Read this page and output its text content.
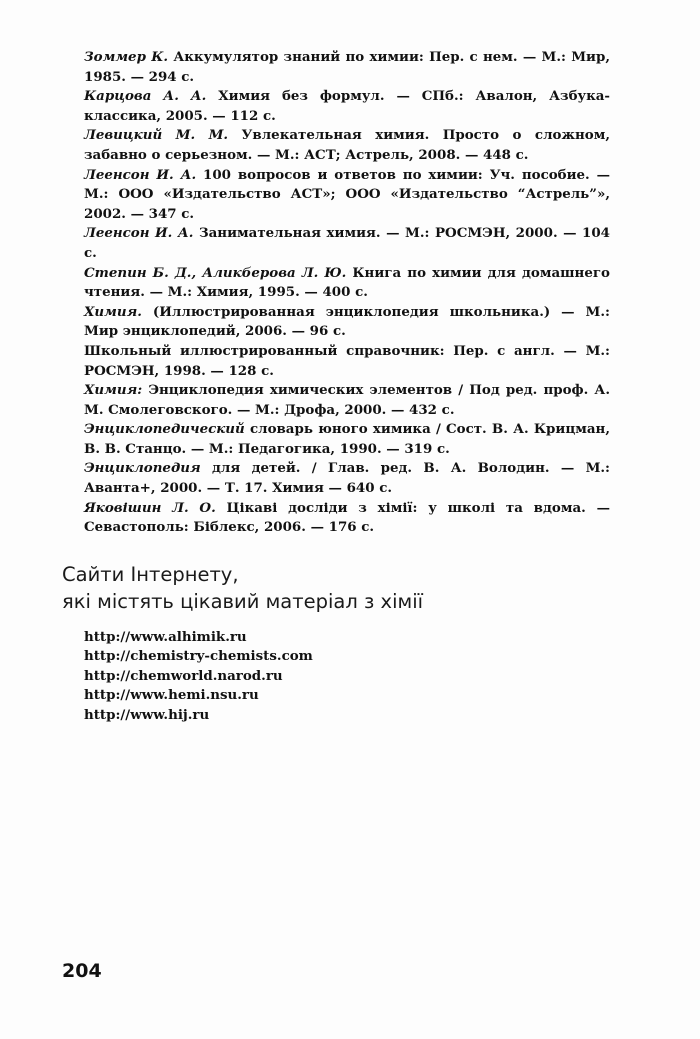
Зоммер К. Аккумулятор знаний по химии: Пер. с нем. — М.: Мир, 1985. — 294 с.

Карцова А. А. Химия без формул. — СПб.: Авалон, Азбука-классика, 2005. — 112 с.

Левицкий М. М. Увлекательная химия. Просто о сложном, забавно о серьезном. — М.: АСТ; Астрель, 2008. — 448 с.

Леенсон И. А. 100 вопросов и ответов по химии: Уч. пособие. — М.: ООО «Издательство АСТ»; ООО «Издательство “Астрель”», 2002. — 347 с.

Леенсон И. А. Занимательная химия. — М.: РОСМЭН, 2000. — 104 с.

Степин Б. Д., Аликберова Л. Ю. Книга по химии для домашнего чтения. — М.: Химия, 1995. — 400 с.

Химия. (Иллюстрированная энциклопедия школьника.) — М.: Мир энциклопедий, 2006. — 96 с.

Школьный иллюстрированный справочник: Пер. с англ. — М.: РОСМЭН, 1998. — 128 с.

Химия: Энциклопедия химических элементов / Под ред. проф. А. М. Смолеговского. — М.: Дрофа, 2000. — 432 с.

Энциклопедический словарь юного химика / Сост. В. А. Крицман, В. В. Станцо. — М.: Педагогика, 1990. — 319 с.

Энциклопедия для детей. / Глав. ред. В. А. Володин. — М.: Аванта+, 2000. — Т. 17. Химия — 640 с.

Яковішин Л. О. Цікаві досліди з хімії: у школі та вдома. — Севастополь: Біблекс, 2006. — 176 с.

Сайти Інтернету,
які містять цікавий матеріал з хімії
http://www.alhimik.ru
http://chemistry-chemists.com
http://chemworld.narod.ru
http://www.hemi.nsu.ru
http://www.hij.ru
204
